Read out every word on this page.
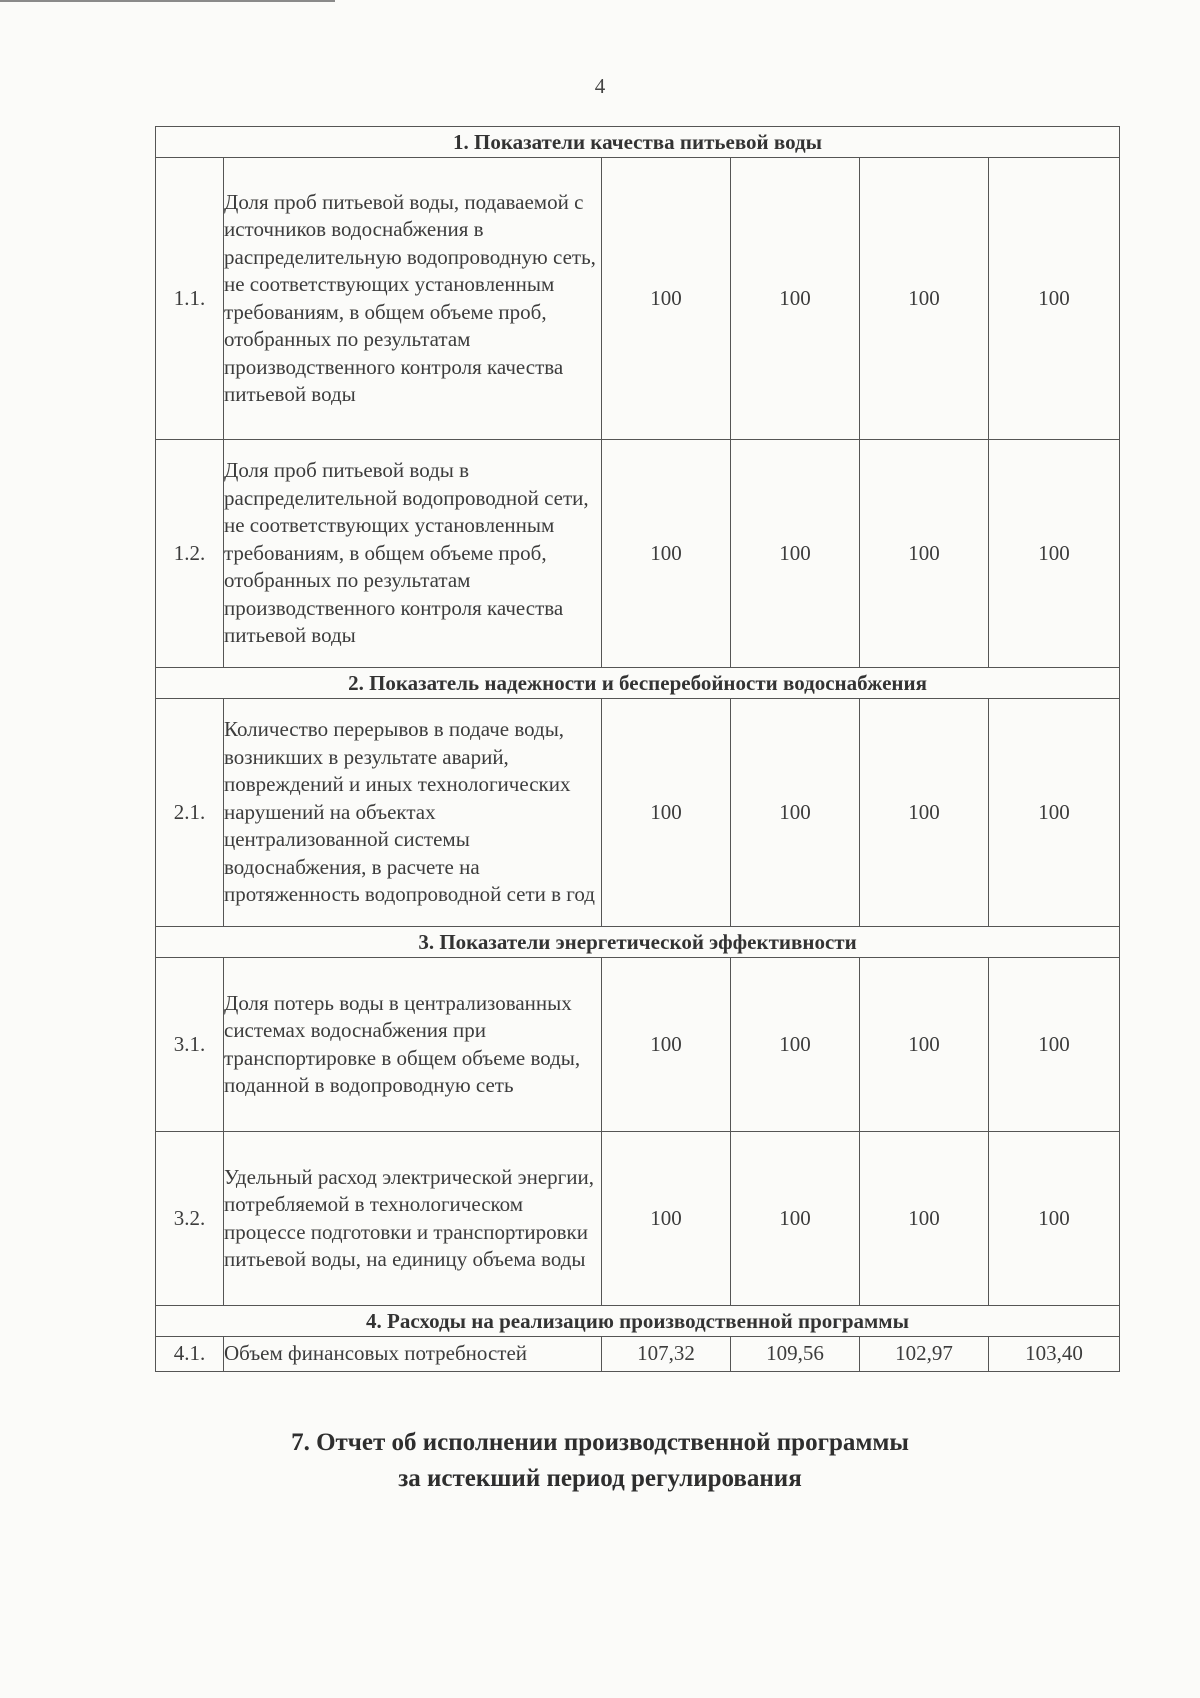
4
1. Показатели качества питьевой воды					
1.1.	Доля проб питьевой воды, подаваемой с источников водоснабжения в распределительную водопроводную сеть, не соответствующих установленным требованиям, в общем объеме проб, отобранных по результатам производственного контроля качества питьевой воды	100	100	100	100
1.2.	Доля проб питьевой воды в распределительной водопроводной сети, не соответствующих установленным требованиям, в общем объеме проб, отобранных по результатам производственного контроля качества питьевой воды	100	100	100	100
2. Показатель надежности и бесперебойности водоснабжения					
2.1.	Количество перерывов в подаче воды, возникших в результате аварий, повреждений и иных технологических нарушений на объектах централизованной системы водоснабжения, в расчете на протяженность водопроводной сети в год	100	100	100	100
3. Показатели энергетической эффективности					
3.1.	Доля потерь воды в централизованных системах водоснабжения при транспортировке в общем объеме воды, поданной в водопроводную сеть	100	100	100	100
3.2.	Удельный расход электрической энергии, потребляемой в технологическом процессе подготовки и транспортировки питьевой воды, на единицу объема воды	100	100	100	100
4. Расходы на реализацию производственной программы					
4.1.	Объем финансовых потребностей	107,32	109,56	102,97	103,40
7. Отчет об исполнении производственной программы
за истекший период регулирования
